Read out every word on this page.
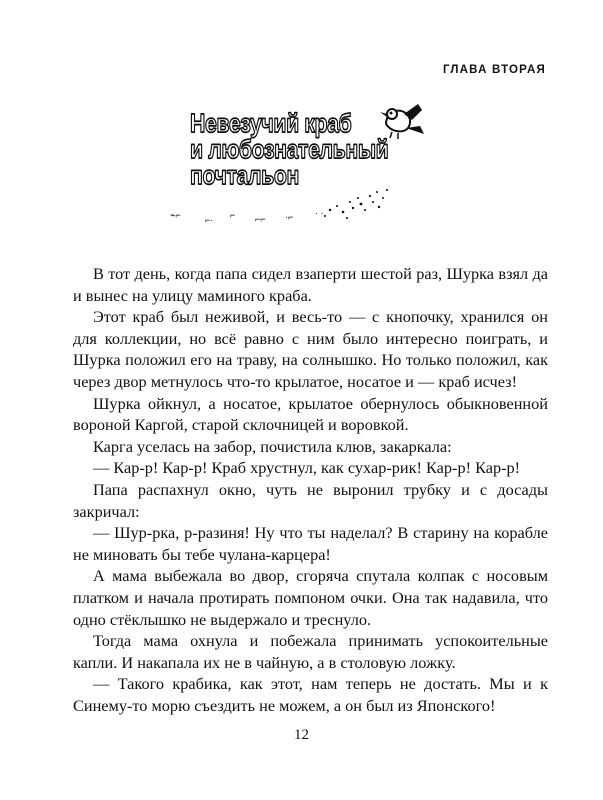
ГЛАВА ВТОРАЯ
Невезучий краб
и любознательный
почтальон
⌁⌐	⌐· ⌐ ⌐⌐ ·⌐ · ·

В тот день, когда папа сидел взаперти шестой раз, Шурка взял да и вынес на улицу маминого краба.

Этот краб был неживой, и весь-то — с кнопочку, хранился он для коллекции, но всё равно с ним было интересно поиграть, и Шурка положил его на траву, на солнышко. Но только положил, как через двор метнулось что-то крылатое, носатое и — краб исчез!

Шурка ойкнул, а носатое, крылатое обернулось обыкновенной вороной Каргой, старой склочницей и воровкой.

Карга уселась на забор, почистила клюв, закаркала:

— Кар-р! Кар-р! Краб хрустнул, как сухар-рик! Кар-р! Кар-р!

Папа распахнул окно, чуть не выронил трубку и с досады закричал:

— Шур-рка, р-разиня! Ну что ты наделал? В старину на корабле не миновать бы тебе чулана-карцера!

А мама выбежала во двор, сгоряча спутала колпак с носовым платком и начала протирать помпоном очки. Она так надавила, что одно стёклышко не выдержало и треснуло.

Тогда мама охнула и побежала принимать успокоительные капли. И накапала их не в чайную, а в столовую ложку.

— Такого крабика, как этот, нам теперь не достать. Мы и к Синему-то морю съездить не можем, а он был из Японского!

12
